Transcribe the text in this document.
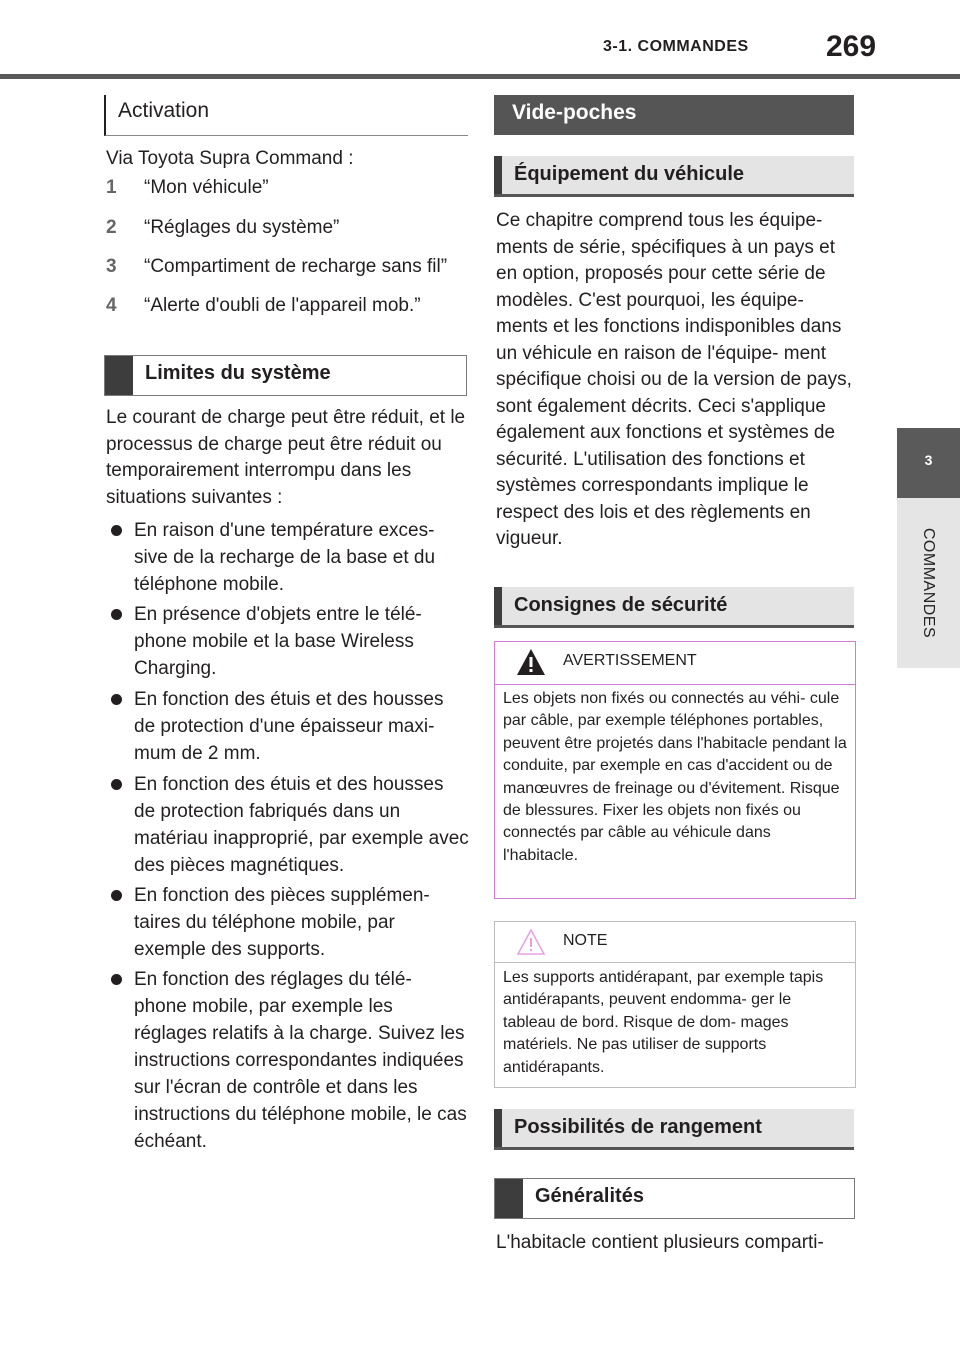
3-1. COMMANDES	269
3
COMMANDES
Activation
Via Toyota Supra Command :
1 “Mon véhicule”
2 “Réglages du système”
3 “Compartiment de recharge sans fil”
4 “Alerte d'oubli de l'appareil mob.”
Limites du système
Le courant de charge peut être réduit, et le processus de charge peut être réduit ou temporairement interrompu dans les situations suivantes :
En raison d'une température exces- sive de la recharge de la base et du téléphone mobile.
En présence d'objets entre le télé- phone mobile et la base Wireless Charging.
En fonction des étuis et des housses de protection d'une épaisseur maxi- mum de 2 mm.
En fonction des étuis et des housses de protection fabriqués dans un matériau inapproprié, par exemple avec des pièces magnétiques.
En fonction des pièces supplémen- taires du téléphone mobile, par exemple des supports.
En fonction des réglages du télé- phone mobile, par exemple les réglages relatifs à la charge. Suivez les instructions correspondantes indiquées sur l'écran de contrôle et dans les instructions du téléphone mobile, le cas échéant.
Vide-poches
Équipement du véhicule
Ce chapitre comprend tous les équipe- ments de série, spécifiques à un pays et en option, proposés pour cette série de modèles. C'est pourquoi, les équipe- ments et les fonctions indisponibles dans un véhicule en raison de l'équipe- ment spécifique choisi ou de la version de pays, sont également décrits. Ceci s'applique également aux fonctions et systèmes de sécurité. L'utilisation des fonctions et systèmes correspondants implique le respect des lois et des règlements en vigueur.
Consignes de sécurité
AVERTISSEMENT
Les objets non fixés ou connectés au véhi- cule par câble, par exemple téléphones portables, peuvent être projetés dans l'habitacle pendant la conduite, par exemple en cas d'accident ou de manœuvres de freinage ou d'évitement. Risque de blessures. Fixer les objets non fixés ou connectés par câble au véhicule dans l'habitacle.
NOTE
Les supports antidérapant, par exemple tapis antidérapants, peuvent endomma- ger le tableau de bord. Risque de dom- mages matériels. Ne pas utiliser de supports antidérapants.
Possibilités de rangement
Généralités
L'habitacle contient plusieurs comparti-
